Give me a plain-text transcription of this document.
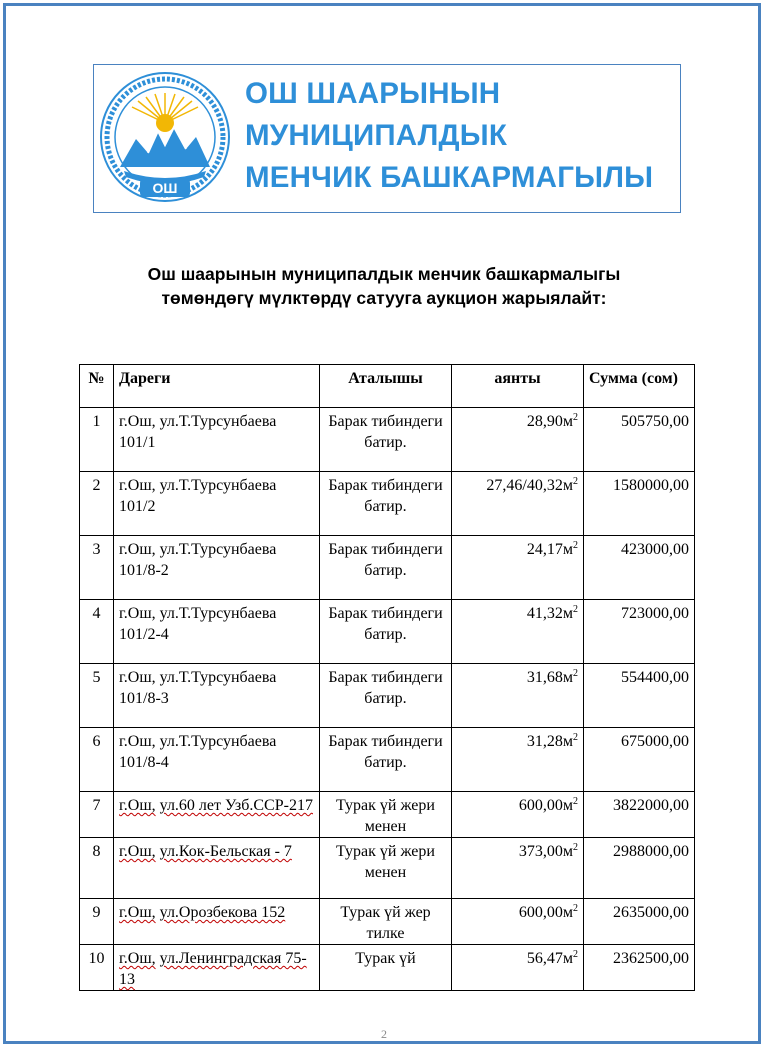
ОШ
ОШ ШААРЫНЫН
МУНИЦИПАЛДЫК
МЕНЧИК БАШКАРМАГЫЛЫ
Ош шаарынын муниципалдык менчик башкармалыгы
төмөндөгү мүлктөрдү сатууга аукцион жарыялайт:
№	Дареги	Аталышы	аянты	Сумма (сом)
1	г.Ош, ул.Т.Турсунбаева 101/1	Барак тибиндеги батир.	$28,90м^2$	505750,00
2	г.Ош, ул.Т.Турсунбаева 101/2	Барак тибиндеги батир.	$27,46/40,32м^2$	1580000,00
3	г.Ош, ул.Т.Турсунбаева 101/8-2	Барак тибиндеги батир.	$24,17м^2$	423000,00
4	г.Ош, ул.Т.Турсунбаева 101/2-4	Барак тибиндеги батир.	$41,32м^2$	723000,00
5	г.Ош, ул.Т.Турсунбаева 101/8-3	Барак тибиндеги батир.	$31,68м^2$	554400,00
6	г.Ош, ул.Т.Турсунбаева 101/8-4	Барак тибиндеги батир.	$31,28м^2$	675000,00
7	г.Ош, ул.60 лет Узб.ССР-217	Турак үй жери менен	$600,00м^2$	3822000,00
8	г.Ош, ул.Кок-Бельская - 7	Турак үй жери менен	$373,00м^2$	2988000,00
9	г.Ош, ул.Орозбекова 152	Турак үй жер тилке	$600,00м^2$	2635000,00
10	г.Ош, ул.Ленинградская 75-13	Турак үй	$56,47м^2$	2362500,00
2
